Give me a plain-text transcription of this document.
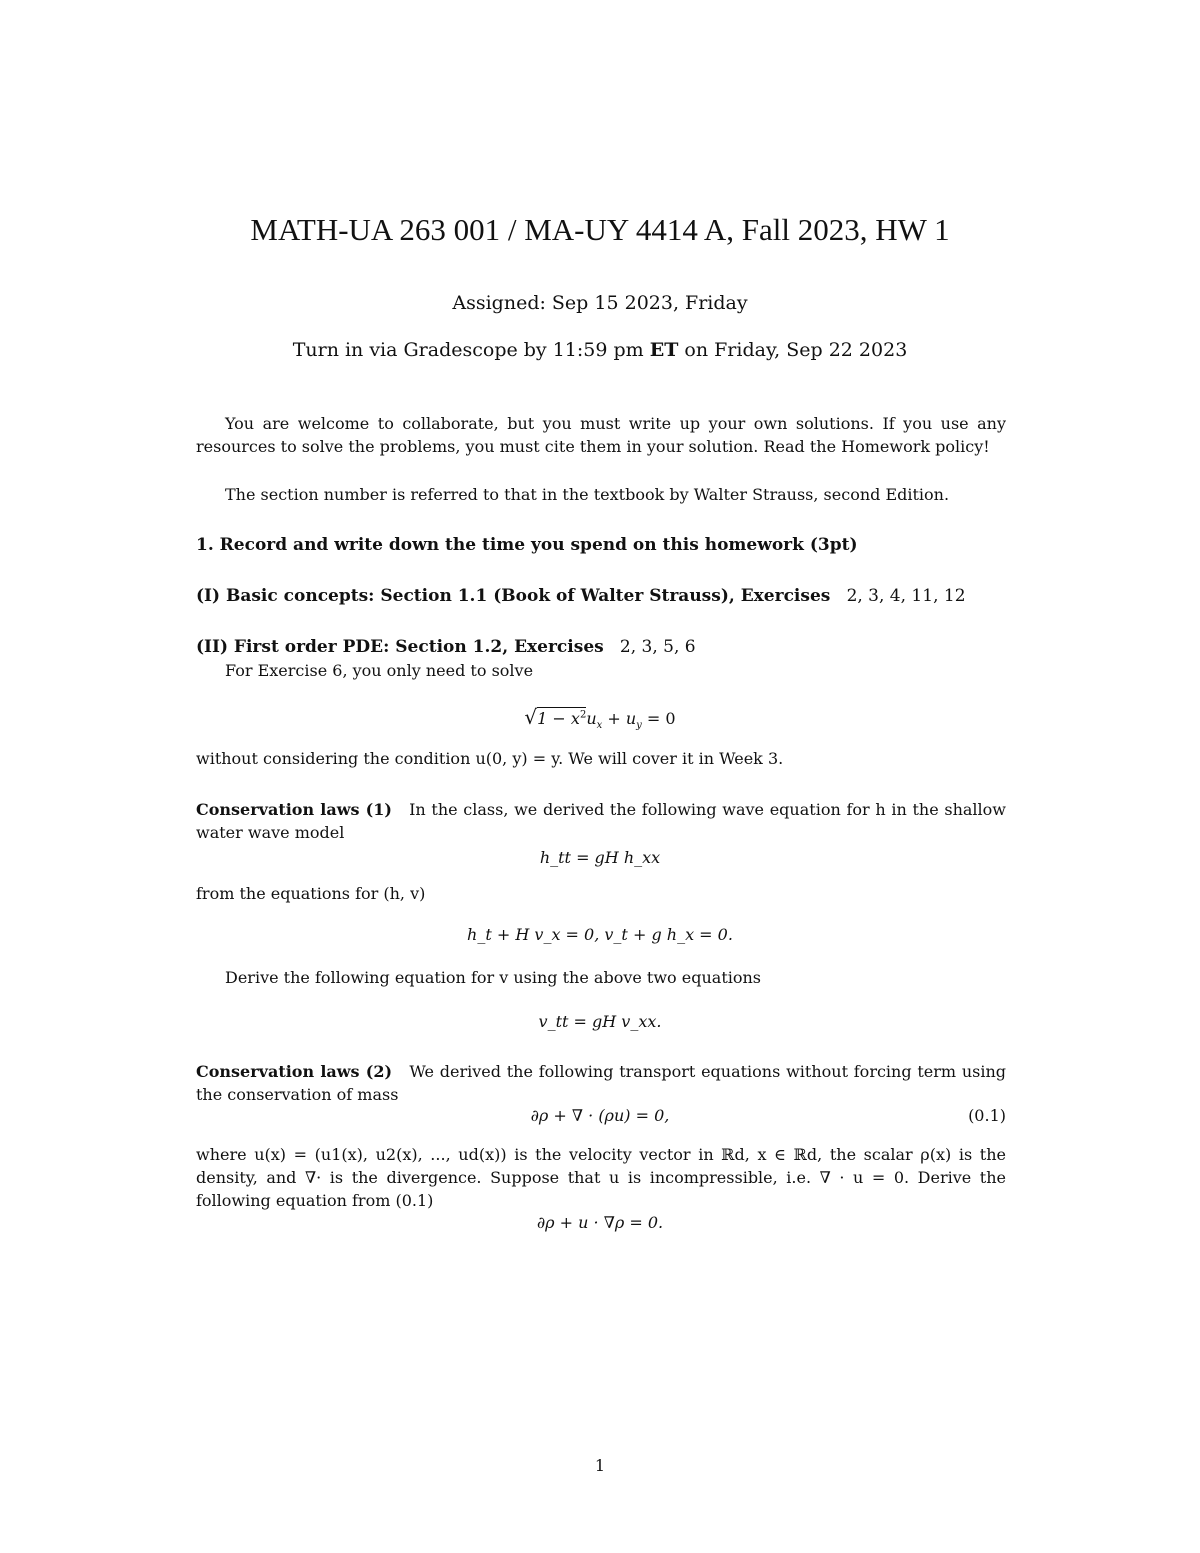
MATH-UA 263 001 / MA-UY 4414 A, Fall 2023, HW 1
Assigned: Sep 15 2023, Friday
Turn in via Gradescope by 11:59 pm ET on Friday, Sep 22 2023
You are welcome to collaborate, but you must write up your own solutions. If you use any resources to solve the problems, you must cite them in your solution. Read the Homework policy!
The section number is referred to that in the textbook by Walter Strauss, second Edition.
1. Record and write down the time you spend on this homework (3pt)
(I) Basic concepts: Section 1.1 (Book of Walter Strauss), Exercises 2, 3, 4, 11, 12
(II) First order PDE: Section 1.2, Exercises 2, 3, 5, 6
For Exercise 6, you only need to solve
$√1 - x^2u_x + u_y = 0$
without considering the condition u(0, y) = y. We will cover it in Week 3.
Conservation laws (1) In the class, we derived the following wave equation for h in the shallow water wave model
h_tt = gH h_xx
from the equations for (h, v)
h_t + H v_x = 0, v_t + g h_x = 0.
Derive the following equation for v using the above two equations
v_tt = gH v_xx.
Conservation laws (2) We derived the following transport equations without forcing term using the conservation of mass
∂ρ + ∇ · (ρu) = 0,	(0.1)
where u(x) = (u1(x), u2(x), ..., ud(x)) is the velocity vector in ℝd, x ∈ ℝd, the scalar ρ(x) is the density, and ∇· is the divergence. Suppose that u is incompressible, i.e. ∇ · u = 0. Derive the following equation from (0.1)
∂ρ + u · ∇ρ = 0.
1
